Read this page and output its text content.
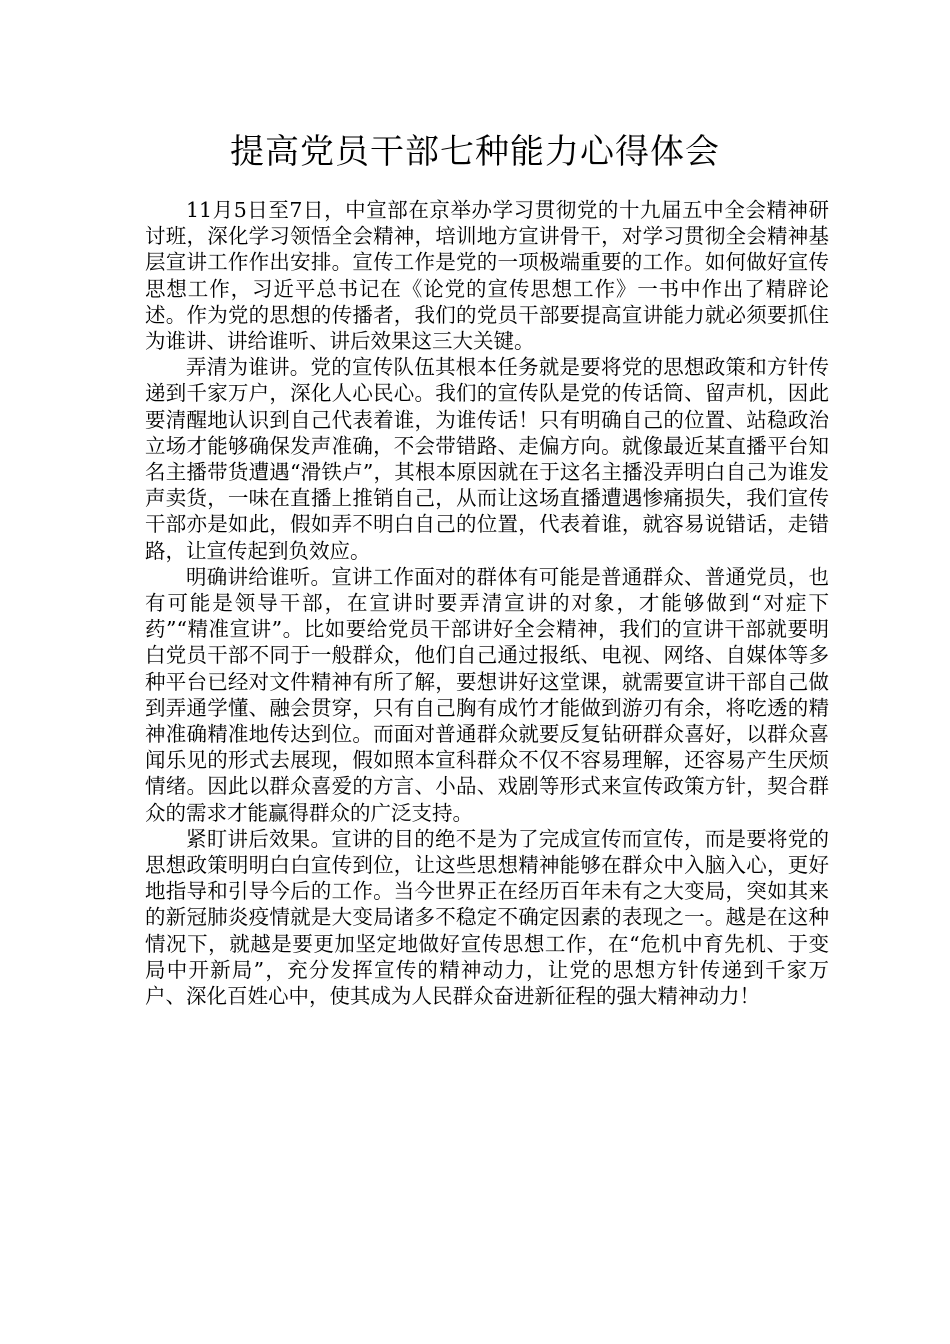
提高党员干部七种能力心得体会

11月5日至7日，中宣部在京举办学习贯彻党的十九届五中全会精神研讨班，深化学习领悟全会精神，培训地方宣讲骨干，对学习贯彻全会精神基层宣讲工作作出安排。宣传工作是党的一项极端重要的工作。如何做好宣传思想工作，习近平总书记在《论党的宣传思想工作》一书中作出了精辟论述。作为党的思想的传播者，我们的党员干部要提高宣讲能力就必须要抓住为谁讲、讲给谁听、讲后效果这三大关键。

弄清为谁讲。党的宣传队伍其根本任务就是要将党的思想政策和方针传递到千家万户，深化人心民心。我们的宣传队是党的传话筒、留声机，因此要清醒地认识到自己代表着谁，为谁传话！只有明确自己的位置、站稳政治立场才能够确保发声准确，不会带错路、走偏方向。就像最近某直播平台知名主播带货遭遇“滑铁卢”，其根本原因就在于这名主播没弄明白自己为谁发声卖货，一味在直播上推销自己，从而让这场直播遭遇惨痛损失，我们宣传干部亦是如此，假如弄不明白自己的位置，代表着谁，就容易说错话，走错路，让宣传起到负效应。

明确讲给谁听。宣讲工作面对的群体有可能是普通群众、普通党员，也有可能是领导干部，在宣讲时要弄清宣讲的对象，才能够做到“对症下药”“精准宣讲”。比如要给党员干部讲好全会精神，我们的宣讲干部就要明白党员干部不同于一般群众，他们自己通过报纸、电视、网络、自媒体等多种平台已经对文件精神有所了解，要想讲好这堂课，就需要宣讲干部自己做到弄通学懂、融会贯穿，只有自己胸有成竹才能做到游刃有余，将吃透的精神准确精准地传达到位。而面对普通群众就要反复钻研群众喜好，以群众喜闻乐见的形式去展现，假如照本宣科群众不仅不容易理解，还容易产生厌烦情绪。因此以群众喜爱的方言、小品、戏剧等形式来宣传政策方针，契合群众的需求才能赢得群众的广泛支持。

紧盯讲后效果。宣讲的目的绝不是为了完成宣传而宣传，而是要将党的思想政策明明白白宣传到位，让这些思想精神能够在群众中入脑入心，更好地指导和引导今后的工作。当今世界正在经历百年未有之大变局，突如其来的新冠肺炎疫情就是大变局诸多不稳定不确定因素的表现之一。越是在这种情况下，就越是要更加坚定地做好宣传思想工作，在“危机中育先机、于变局中开新局”，充分发挥宣传的精神动力，让党的思想方针传递到千家万户、深化百姓心中，使其成为人民群众奋进新征程的强大精神动力！
